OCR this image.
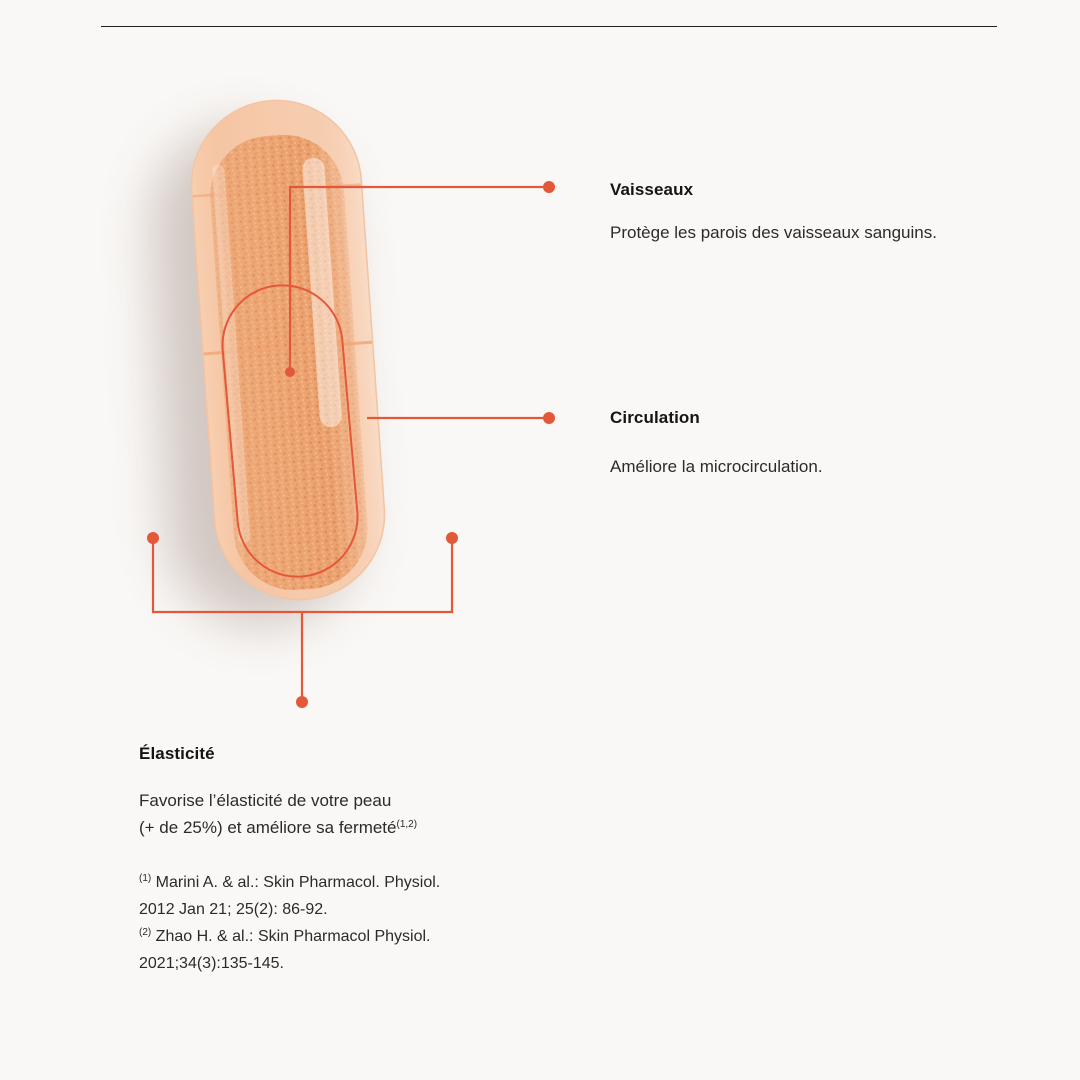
Vaisseaux

Protège les parois des vaisseaux sanguins.

Circulation

Améliore la microcirculation.

Élasticité

Favorise l’élasticité de votre peau
(+ de 25%) et améliore sa fermeté$^{(1,2)}$

$^{(1)}$ Marini A. & al.: Skin Pharmacol. Physiol.
2012 Jan 21; 25(2): 86-92.
$^{(2)}$ Zhao H. & al.: Skin Pharmacol Physiol.
2021;34(3):135-145.
